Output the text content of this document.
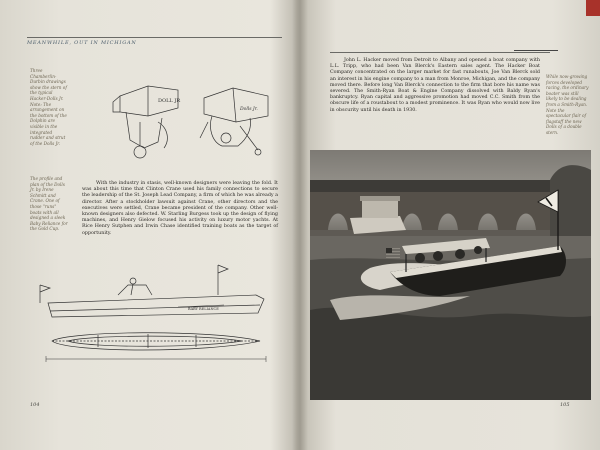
MEANWHILE, OUT IN MICHIGAN
Three Chamberlin-Durbin drawings show the stern of the typical Hacker-Dolls Jr. Note: The arrangement on the bottom of the Dolphin are visible in the integrated rudder and strut of the Dolls Jr.
DOLL JR
Dolls Jr.
The profile and plan of the Dolls Jr. by Irene Schmitt and Crane. One of those "runs" boats with all designed a sleek Baby Reliance for the Gold Cup.
With the industry in stasis, well-known designers were leaving the fold. It was about this time that Clinton Crane used his family connections to secure the leadership of the St. Joseph Lead Company, a firm of which he was already a director. After a stockholder lawsuit against Crane, other directors and the executives were settled, Crane became president of the company. Other well-known designers also defected. W. Starling Burgess took up the design of flying machines, and Henry Gielow focused his activity on luxury motor yachts. At Rice Henry Sutphen and Irwin Chase identified training boats as the target of opportunity.
BABY RELIANCE
104
John L. Hacker moved from Detroit to Albany and opened a boat company with L.L. Tripp, who had been Van Blerck's Eastern sales agent. The Hacker Boat Company concentrated on the larger market for fast runabouts, Joe Van Blerck sold an interest in his engine company to a man from Monroe, Michigan, and the company moved there. Before long Van Blerck's connection to the firm that bore his name was severed. The Smith-Ryan Boat & Engine Company dissolved with Baldy Ryan's bankruptcy. Ryan capital and aggressive promotion had moved C.C. Smith from the obscure life of a roustabout to a modest prominence. It was Ryan who would now live in obscurity until his death in 1930.
While now-growing forces developed racing, the ordinary boater was still likely to be dealing from a Smith-Ryan. Note the spectacular flair of flagstaff the new Dolls of a double stern.
105
